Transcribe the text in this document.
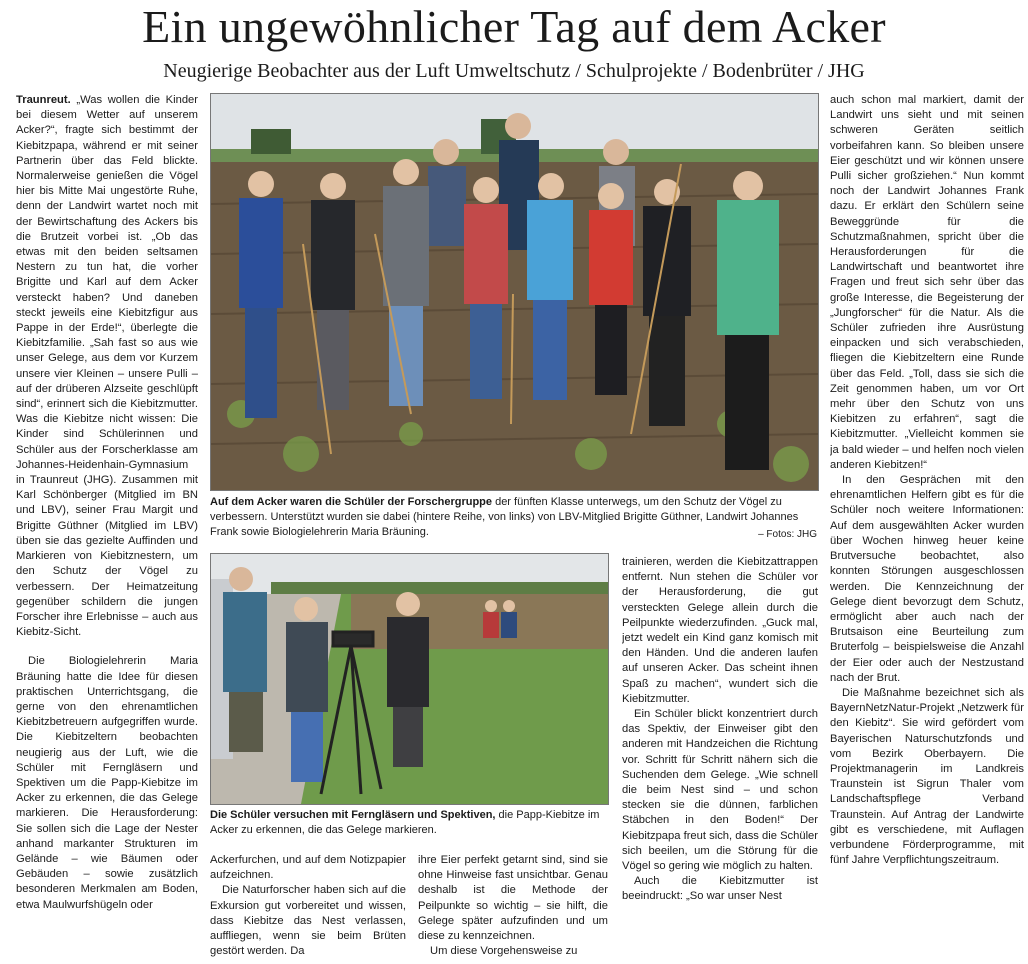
Ein ungewöhnlicher Tag auf dem Acker
Neugierige Beobachter aus der Luft Umweltschutz / Schulprojekte / Bodenbrüter / JHG

Traunreut. „Was wollen die Kinder bei diesem Wetter auf unserem Acker?“, fragte sich bestimmt der Kiebitzpapa, während er mit seiner Partnerin über das Feld blickte. Normalerweise genießen die Vögel hier bis Mitte Mai ungestörte Ruhe, denn der Landwirt wartet noch mit der Bewirtschaftung des Ackers bis die Brutzeit vorbei ist. „Ob das etwas mit den beiden seltsamen Nestern zu tun hat, die vorher Brigitte und Karl auf dem Acker versteckt haben? Und daneben steckt jeweils eine Kiebitzfigur aus Pappe in der Erde!“, überlegte die Kiebitzfamilie. „Sah fast so aus wie unser Gelege, aus dem vor Kurzem unsere vier Kleinen – unsere Pulli – auf der drüberen Alzseite geschlüpft sind“, erinnert sich die Kiebitzmutter. Was die Kiebitze nicht wissen: Die Kinder sind Schülerinnen und Schüler aus der Forscherklasse am Johannes-Heidenhain-Gymnasium in Traunreut (JHG). Zusammen mit Karl Schönberger (Mitglied im BN und LBV), seiner Frau Margit und Brigitte Güthner (Mitglied im LBV) üben sie das gezielte Auffinden und Markieren von Kiebitznestern, um den Schutz der Vögel zu verbessern. Der Heimatzeitung gegenüber schildern die jungen Forscher ihre Erlebnisse – auch aus Kiebitz-Sicht.

Die Biologielehrerin Maria Bräuning hatte die Idee für diesen praktischen Unterrichtsgang, die gerne von den ehrenamtlichen Kiebitzbetreuern aufgegriffen wurde. Die Kiebitzeltern beobachten neugierig aus der Luft, wie die Schüler mit Ferngläsern und Spektiven um die Papp-Kiebitze im Acker zu erkennen, die das Gelege markieren. Die Herausforderung: Sie sollen sich die Lage der Nester anhand markanter Strukturen im Gelände – wie Bäumen oder Gebäuden – sowie zusätzlich besonderen Merkmalen am Boden, etwa Maulwurfshügeln oder

Auf dem Acker waren die Schüler der Forschergruppe der fünften Klasse unterwegs, um den Schutz der Vögel zu verbessern. Unterstützt wurden sie dabei (hintere Reihe, von links) von LBV-Mitglied Brigitte Güthner, Landwirt Johannes Frank sowie Biologielehrerin Maria Bräuning.	– Fotos: JHG
Die Schüler versuchen mit Ferngläsern und Spektiven, die Papp-Kiebitze im Acker zu erkennen, die das Gelege markieren.

Ackerfurchen, und auf dem Notizpapier aufzeichnen.

Die Naturforscher haben sich auf die Exkursion gut vorbereitet und wissen, dass Kiebitze das Nest verlassen, auffliegen, wenn sie beim Brüten gestört werden. Da

ihre Eier perfekt getarnt sind, sind sie ohne Hinweise fast unsichtbar. Genau deshalb ist die Methode der Peilpunkte so wichtig – sie hilft, die Gelege später aufzufinden und um diese zu kennzeichnen.

Um diese Vorgehensweise zu

trainieren, werden die Kiebitzattrappen entfernt. Nun stehen die Schüler vor der Herausforderung, die gut versteckten Gelege allein durch die Peilpunkte wiederzufinden. „Guck mal, jetzt wedelt ein Kind ganz komisch mit den Händen. Und die anderen laufen auf unseren Acker. Das scheint ihnen Spaß zu machen“, wundert sich die Kiebitzmutter.

Ein Schüler blickt konzentriert durch das Spektiv, der Einweiser gibt den anderen mit Handzeichen die Richtung vor. Schritt für Schritt nähern sich die Suchenden dem Gelege. „Wie schnell die beim Nest sind – und schon stecken sie die dünnen, farblichen Stäbchen in den Boden!“ Der Kiebitzpapa freut sich, dass die Schüler sich beeilen, um die Störung für die Vögel so gering wie möglich zu halten.

Auch die Kiebitzmutter ist beeindruckt: „So war unser Nest

auch schon mal markiert, damit der Landwirt uns sieht und mit seinen schweren Geräten seitlich vorbeifahren kann. So bleiben unsere Eier geschützt und wir können unsere Pulli sicher großziehen.“ Nun kommt noch der Landwirt Johannes Frank dazu. Er erklärt den Schülern seine Beweggründe für die Schutzmaßnahmen, spricht über die Herausforderungen für die Landwirtschaft und beantwortet ihre Fragen und freut sich sehr über das große Interesse, die Begeisterung der „Jungforscher“ für die Natur. Als die Schüler zufrieden ihre Ausrüstung einpacken und sich verabschieden, fliegen die Kiebitzeltern eine Runde über das Feld. „Toll, dass sie sich die Zeit genommen haben, um vor Ort mehr über den Schutz von uns Kiebitzen zu erfahren“, sagt die Kiebitzmutter. „Vielleicht kommen sie ja bald wieder – und helfen noch vielen anderen Kiebitzen!“

In den Gesprächen mit den ehrenamtlichen Helfern gibt es für die Schüler noch weitere Informationen: Auf dem ausgewählten Acker wurden über Wochen hinweg heuer keine Brutversuche beobachtet, also konnten Störungen ausgeschlossen werden. Die Kennzeichnung der Gelege dient bevorzugt dem Schutz, ermöglicht aber auch nach der Brutsaison eine Beurteilung zum Bruterfolg – beispielsweise die Anzahl der Eier oder auch der Nestzustand nach der Brut.

Die Maßnahme bezeichnet sich als BayernNetzNatur-Projekt „Netzwerk für den Kiebitz“. Sie wird gefördert vom Bayerischen Naturschutzfonds und vom Bezirk Oberbayern. Die Projektmanagerin im Landkreis Traunstein ist Sigrun Thaler vom Landschaftspflege Verband Traunstein. Auf Antrag der Landwirte gibt es verschiedene, mit Auflagen verbundene Förderprogramme, mit fünf Jahre Verpflichtungszeitraum.
